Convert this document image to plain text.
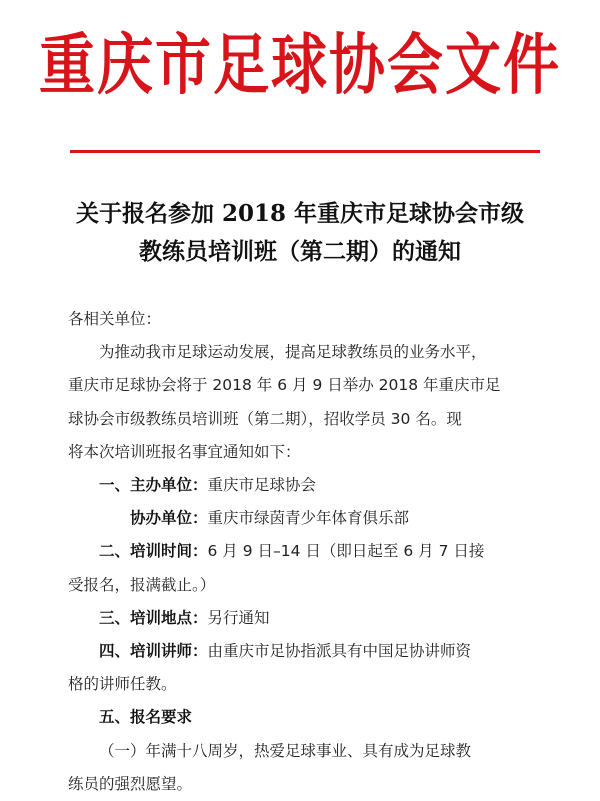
重庆市足球协会文件
关于报名参加 2018 年重庆市足球协会市级
教练员培训班（第二期）的通知
各相关单位：
为推动我市足球运动发展，提高足球教练员的业务水平，
重庆市足球协会将于 2018 年 6 月 9 日举办 2018 年重庆市足
球协会市级教练员培训班（第二期），招收学员 30 名。现
将本次培训班报名事宜通知如下：
一、主办单位：重庆市足球协会
协办单位：重庆市绿茵青少年体育俱乐部
二、培训时间：6 月 9 日–14 日（即日起至 6 月 7 日接
受报名，报满截止。）
三、培训地点：另行通知
四、培训讲师：由重庆市足协指派具有中国足协讲师资
格的讲师任教。
五、报名要求
（一）年满十八周岁，热爱足球事业、具有成为足球教
练员的强烈愿望。
